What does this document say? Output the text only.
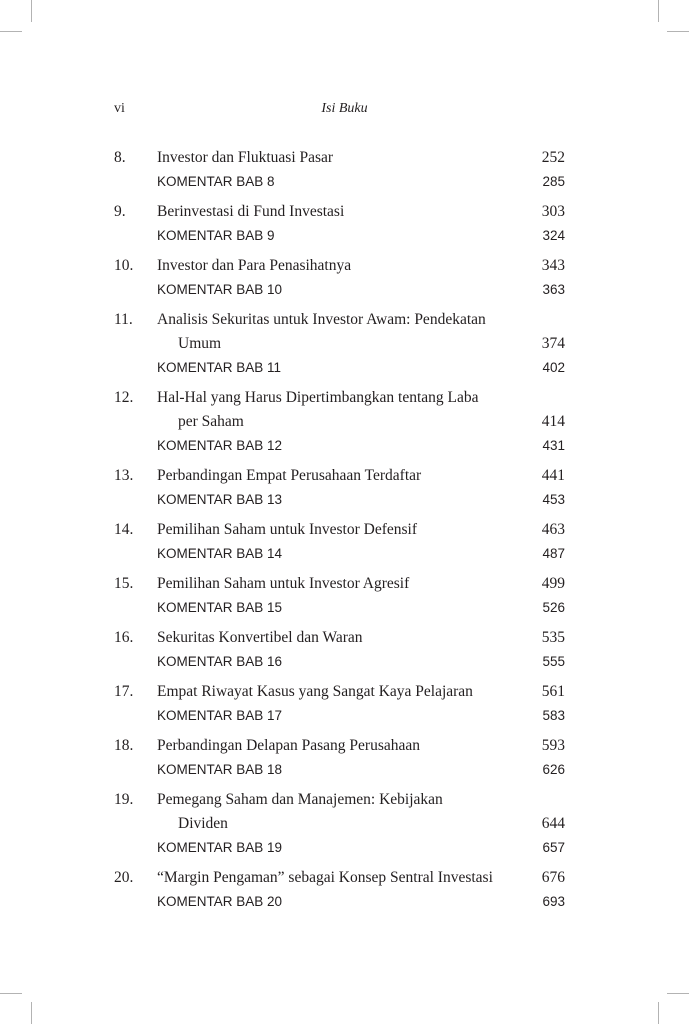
vi	Isi Buku
8. Investor dan Fluktuasi Pasar	252
KOMENTAR BAB 8	285
9. Berinvestasi di Fund Investasi	303
KOMENTAR BAB 9	324
10. Investor dan Para Penasihatnya	343
KOMENTAR BAB 10	363
11. Analisis Sekuritas untuk Investor Awam: Pendekatan
Umum	374
KOMENTAR BAB 11	402
12. Hal-Hal yang Harus Dipertimbangkan tentang Laba
per Saham	414
KOMENTAR BAB 12	431
13. Perbandingan Empat Perusahaan Terdaftar	441
KOMENTAR BAB 13	453
14. Pemilihan Saham untuk Investor Defensif	463
KOMENTAR BAB 14	487
15. Pemilihan Saham untuk Investor Agresif	499
KOMENTAR BAB 15	526
16. Sekuritas Konvertibel dan Waran	535
KOMENTAR BAB 16	555
17. Empat Riwayat Kasus yang Sangat Kaya Pelajaran	561
KOMENTAR BAB 17	583
18. Perbandingan Delapan Pasang Perusahaan	593
KOMENTAR BAB 18	626
19. Pemegang Saham dan Manajemen: Kebijakan
Dividen	644
KOMENTAR BAB 19	657
20. “Margin Pengaman” sebagai Konsep Sentral Investasi	676
KOMENTAR BAB 20	693
